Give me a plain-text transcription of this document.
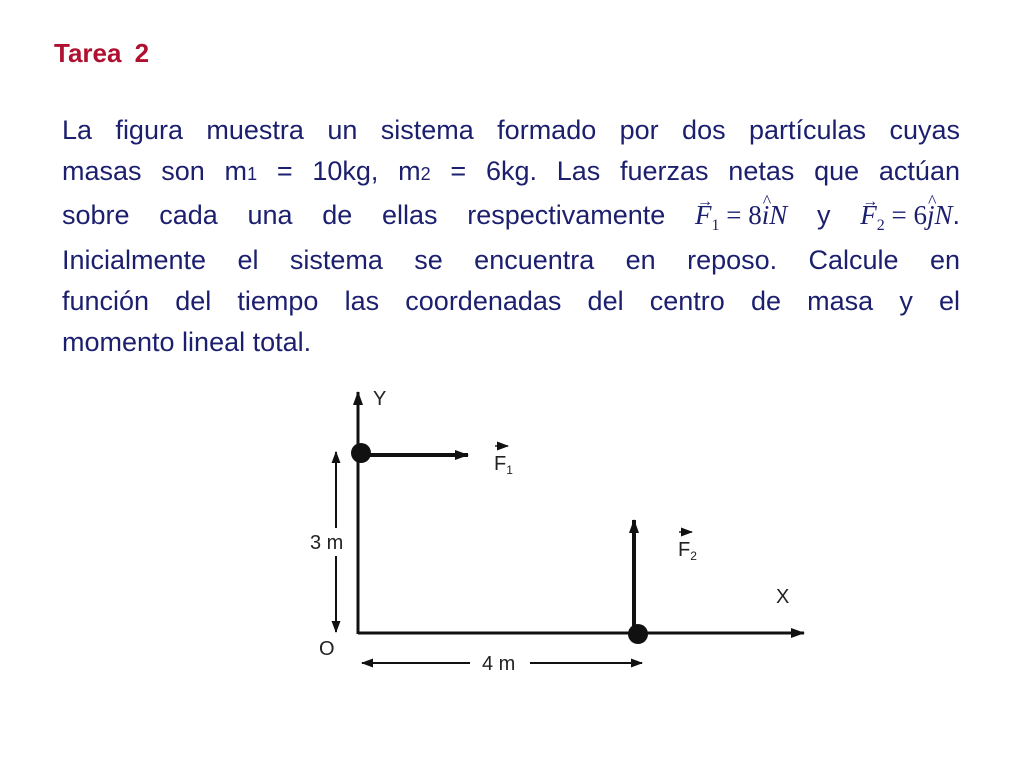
Tarea 2
La figura muestra un sistema formado por dos partículas cuyas
masas son m1 = 10kg, m2 = 6kg. Las fuerzas netas que actúan
sobre cada una de ellas respectivamente → $F_1$ = 8^ iN $y \to F_2$ = 6^ jN.
Inicialmente el sistema se encuentra en reposo. Calcule en
función del tiempo las coordenadas del centro de masa y el
momento lineal total.
Y
X
O
$F_1$
$F_2$
3 m
4 m
